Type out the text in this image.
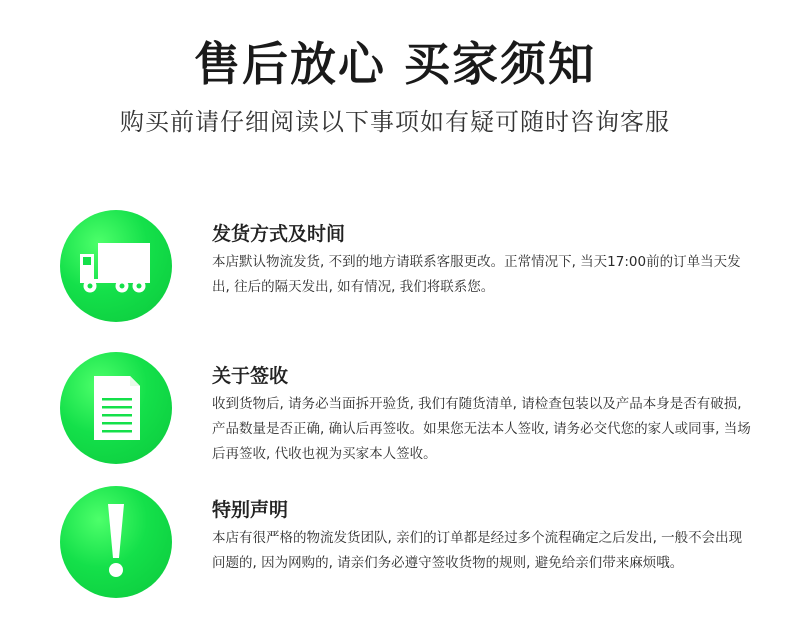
售后放心 买家须知
购买前请仔细阅读以下事项如有疑可随时咨询客服
发货方式及时间
本店默认物流发货, 不到的地方请联系客服更改。正常情况下, 当天17:00前的订单当天发出, 往后的隔天发出, 如有情况, 我们将联系您。
关于签收
收到货物后, 请务必当面拆开验货, 我们有随货清单, 请检查包装以及产品本身是否有破损, 产品数量是否正确, 确认后再签收。如果您无法本人签收, 请务必交代您的家人或同事, 当场后再签收, 代收也视为买家本人签收。
特别声明
本店有很严格的物流发货团队, 亲们的订单都是经过多个流程确定之后发出, 一般不会出现问题的, 因为网购的, 请亲们务必遵守签收货物的规则, 避免给亲们带来麻烦哦。
